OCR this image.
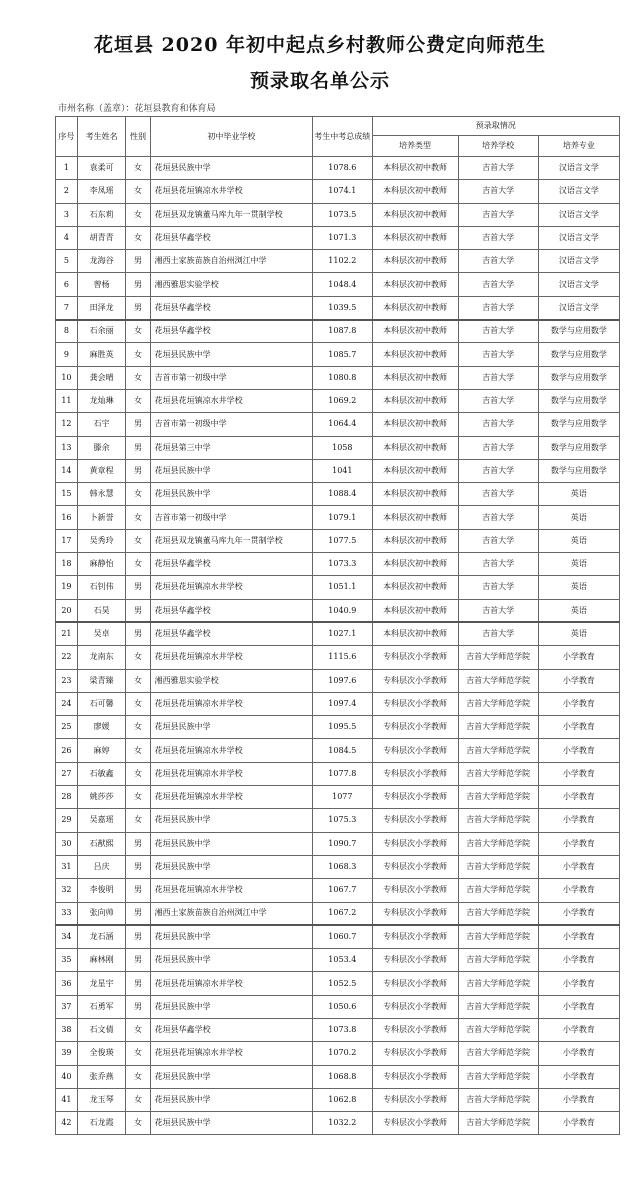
花垣县 2020 年初中起点乡村教师公费定向师范生
预录取名单公示
市州名称（盖章）：花垣县教育和体育局
序号	考生姓名	性别	初中毕业学校	考生中考总成绩	预录取情况		
					培养类型	培养学校	培养专业
1	袁柔可	女	花垣县民族中学	1078.6	本科层次初中教师	吉首大学	汉语言文学
2	李凤瑶	女	花垣县花垣镇凉水井学校	1074.1	本科层次初中教师	吉首大学	汉语言文学
3	石东莉	女	花垣县双龙镇董马库九年一贯制学校	1073.5	本科层次初中教师	吉首大学	汉语言文学
4	胡青青	女	花垣县华鑫学校	1071.3	本科层次初中教师	吉首大学	汉语言文学
5	龙海谷	男	湘西土家族苗族自治州浏江中学	1102.2	本科层次初中教师	吉首大学	汉语言文学
6	曾杨	男	湘西雅思实验学校	1048.4	本科层次初中教师	吉首大学	汉语言文学
7	田泽龙	男	花垣县华鑫学校	1039.5	本科层次初中教师	吉首大学	汉语言文学
8	石余丽	女	花垣县华鑫学校	1087.8	本科层次初中教师	吉首大学	数学与应用数学
9	麻胜英	女	花垣县民族中学	1085.7	本科层次初中教师	吉首大学	数学与应用数学
10	龚会晴	女	吉首市第一初级中学	1080.8	本科层次初中教师	吉首大学	数学与应用数学
11	龙灿琳	女	花垣县花垣镇凉水井学校	1069.2	本科层次初中教师	吉首大学	数学与应用数学
12	石宇	男	吉首市第一初级中学	1064.4	本科层次初中教师	吉首大学	数学与应用数学
13	滕余	男	花垣县第三中学	1058	本科层次初中教师	吉首大学	数学与应用数学
14	黄章程	男	花垣县民族中学	1041	本科层次初中教师	吉首大学	数学与应用数学
15	韩永慧	女	花垣县民族中学	1088.4	本科层次初中教师	吉首大学	英语
16	卜新誉	女	吉首市第一初级中学	1079.1	本科层次初中教师	吉首大学	英语
17	吴秀玲	女	花垣县双龙镇董马库九年一贯制学校	1077.5	本科层次初中教师	吉首大学	英语
18	麻静怡	女	花垣县华鑫学校	1073.3	本科层次初中教师	吉首大学	英语
19	石钊伟	男	花垣县花垣镇凉水井学校	1051.1	本科层次初中教师	吉首大学	英语
20	石昊	男	花垣县华鑫学校	1040.9	本科层次初中教师	吉首大学	英语
21	吴卓	男	花垣县华鑫学校	1027.1	本科层次初中教师	吉首大学	英语
22	龙南东	女	花垣县花垣镇凉水井学校	1115.6	专科层次小学教师	吉首大学师范学院	小学教育
23	梁青臻	女	湘西雅思实验学校	1097.6	专科层次小学教师	吉首大学师范学院	小学教育
24	石可馨	女	花垣县花垣镇凉水井学校	1097.4	专科层次小学教师	吉首大学师范学院	小学教育
25	廖媛	女	花垣县民族中学	1095.5	专科层次小学教师	吉首大学师范学院	小学教育
26	麻婷	女	花垣县花垣镇凉水井学校	1084.5	专科层次小学教师	吉首大学师范学院	小学教育
27	石敏鑫	女	花垣县花垣镇凉水井学校	1077.8	专科层次小学教师	吉首大学师范学院	小学教育
28	姚莎莎	女	花垣县花垣镇凉水井学校	1077	专科层次小学教师	吉首大学师范学院	小学教育
29	吴嘉瑶	女	花垣县民族中学	1075.3	专科层次小学教师	吉首大学师范学院	小学教育
30	石猷熙	男	花垣县民族中学	1090.7	专科层次小学教师	吉首大学师范学院	小学教育
31	吕庆	男	花垣县民族中学	1068.3	专科层次小学教师	吉首大学师范学院	小学教育
32	李俊明	男	花垣县花垣镇凉水井学校	1067.7	专科层次小学教师	吉首大学师范学院	小学教育
33	张向帅	男	湘西土家族苗族自治州浏江中学	1067.2	专科层次小学教师	吉首大学师范学院	小学教育
34	龙石涵	男	花垣县民族中学	1060.7	专科层次小学教师	吉首大学师范学院	小学教育
35	麻林刚	男	花垣县民族中学	1053.4	专科层次小学教师	吉首大学师范学院	小学教育
36	龙星宇	男	花垣县花垣镇凉水井学校	1052.5	专科层次小学教师	吉首大学师范学院	小学教育
37	石勇军	男	花垣县民族中学	1050.6	专科层次小学教师	吉首大学师范学院	小学教育
38	石文倩	女	花垣县华鑫学校	1073.8	专科层次小学教师	吉首大学师范学院	小学教育
39	全俊瑛	女	花垣县花垣镇凉水井学校	1070.2	专科层次小学教师	吉首大学师范学院	小学教育
40	张乔燕	女	花垣县民族中学	1068.8	专科层次小学教师	吉首大学师范学院	小学教育
41	龙玉琴	女	花垣县民族中学	1062.8	专科层次小学教师	吉首大学师范学院	小学教育
42	石龙霞	女	花垣县民族中学	1032.2	专科层次小学教师	吉首大学师范学院	小学教育
